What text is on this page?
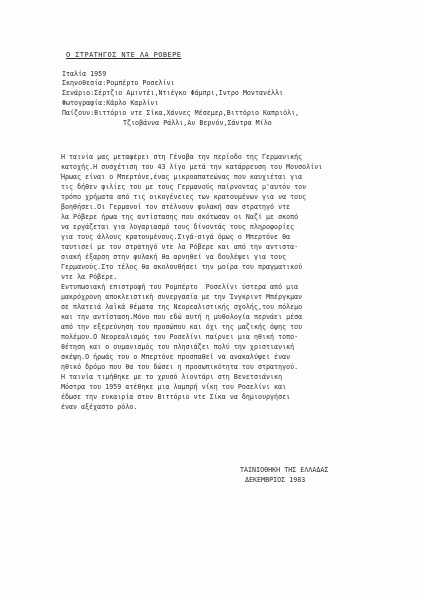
Ο ΣΤΡΑΤΗΓΟΣ ΝΤΕ ΛΑ ΡΟΒΕΡΕ
Ιταλία 1959
Σκηνοθεσία:Ρομπέρτο Ροσελίνι
Σενάριο:Σέρτζιο Αμιντέι,Ντιέγκο Φάμπρι,Ιντρο Μοντανέλλι
Φωτογραφία:Κάρλο Καρλίνι
Παίζουν:Βιττόριο ντε Σίκα,Χάννες Μέσεμερ,Βιττόριο Καπριόλι,
Τζιοβάννα Ράλλι,Αν Βερνόν,Σάντρα Μίλο
Η ταινία μας μεταφέρει στη Γένοβα την περίοδο της Γερμανικής
κατοχής.Η συσχέτιση του 43 λίγο μετά την κατάρρευση του Μουσολίνι
Ήρωας είναι ο Μπερτόνε,ένας μικροαπατεώνας που καυχιέται για
τις δήθεν φιλίες του με τους Γερμανούς παίρνοντας μ'αυτόν τον
τρόπο χρήματα από τις οικογένειες των κρατουμένων για να τους
βοηθήσει.Οι Γερμανοί τον στέλνουν φυλακή σαν στρατηγό ντε
λα Ρόβερε ήρωα της αντίστασης που σκότωσαν οι Ναζί με σκοπό
να εργάζεται για λογαριασμό τους δίνοντάς τους πληροφορίες
για τους άλλους κρατουμένους.Σιγά-σιγά όμως ο Μπερτόνε θα
ταυτισεί με τον στρατηγό ντε λα Ρόβερε και από την αντιστα-
σιακή έξαρση στην φυλακή θα αρνηθεί να δουλέψει για τους
Γερμανούς.Στο τέλος θα ακολουθήσει την μοίρα του πραγματικού
ντε λα Ρόβερε.
Εντυπωσιακή επιστροφή του Ρομπέρτο  Ροσελίνι ύστερα από μια
μακρόχρονη αποκλειστική συνεργασία με την Ίνγκριντ Μπέργκμαν
σε πλατειά λαϊκά θέματα της Νεορεαλιστικής σχολής,του πόλεμο
και την αντίσταση.Μόνο που εδώ αυτή η μυθολογία περνάει μέσα
από την εξερεύνηση του προσώπου και όχι της μαζικής όψης του
πολέμου.Ο Νεορεαλισμός του Ροσελίνι παίρνει μια ηθική τοπο-
θέτηση και ο ουμανισμός του πλησιάζει πολύ την χριστιανική
σκέψη.Ο ήρωάς του ο Μπερτόνε προσπαθεί να ανακαλύψει έναν
ηθικό δρόμο που θα του δώσει η προσωπικότητα του στρατηγού.
Η ταινία τιμήθηκε με το χρυσό λιοντάρι στη Βενετσιάνικη
Μόστρα του 1959 ατέθηκε μια λαμπρή νίκη του Ροσελίνι και
έδωσε την ευκαιρία στον Βιττόριο ντε Σίκα να δημιουργήσει
έναν αξέχαστο ρόλο.
ΤΑΙΝΙΟΘΗΚΗ ΤΗΣ ΕΛΛΑΔΑΣ
ΔΕΚΕΜΒΡΙΟΣ 1983
